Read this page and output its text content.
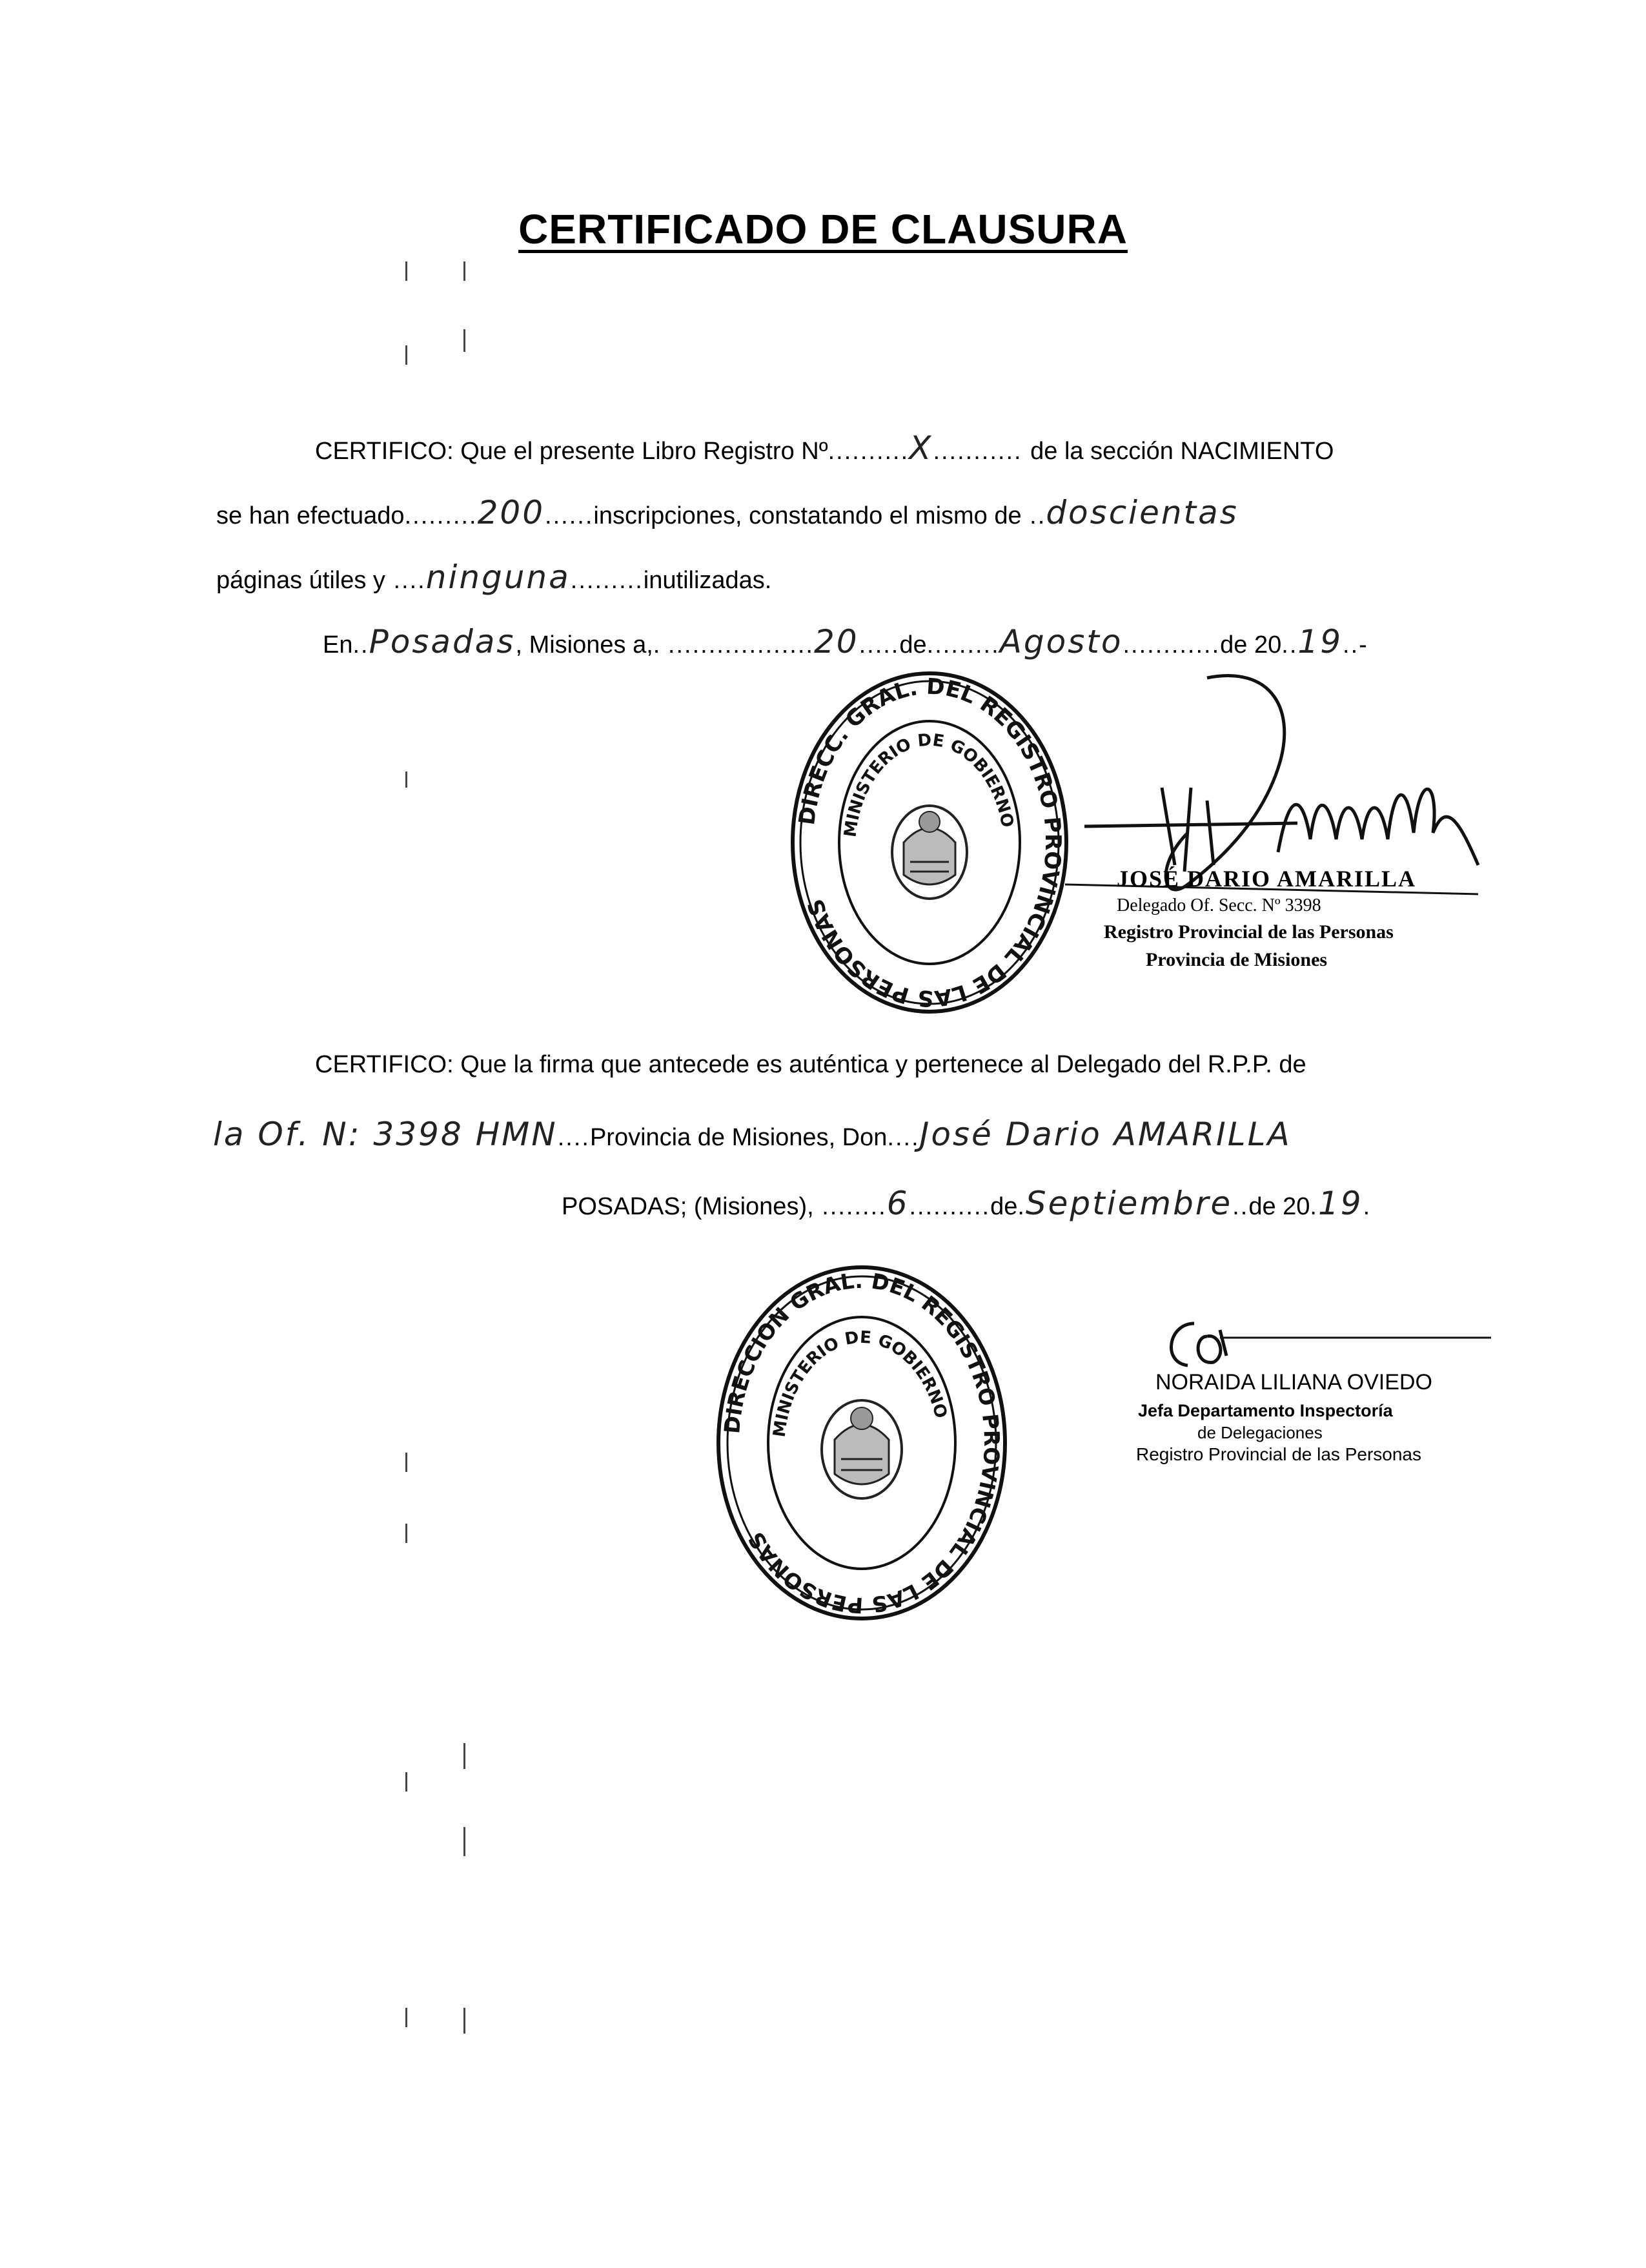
CERTIFICADO DE CLAUSURA
CERTIFICO: Que el presente Libro Registro Nº..........X........... de la sección NACIMIENTO
se han efectuado.........200......inscripciones, constatando el mismo de ..doscientas
páginas útiles y ....ninguna.........inutilizadas.
En..Posadas, Misiones a,. ..................20.....de.........Agosto............de 20..19..-
DIRECC. GRAL. DEL REGISTRO PROVINCIAL DE LAS PERSONAS
MINISTERIO DE GOBIERNO
JOSÉ DARIO AMARILLA
Delegado Of. Secc. Nº 3398
Registro Provincial de las Personas
Provincia de Misiones
CERTIFICO: Que la firma que antecede es auténtica y pertenece al Delegado del R.P.P. de
la Of. N: 3398 HMN....Provincia de Misiones, Don....José Dario AMARILLA
POSADAS; (Misiones), ........6..........de.Septiembre..de 20.19.
DIRECCION GRAL. DEL REGISTRO PROVINCIAL DE LAS PERSONAS
MINISTERIO DE GOBIERNO
NORAIDA LILIANA OVIEDO
Jefa Departamento Inspectoría
de Delegaciones
Registro Provincial de las Personas
